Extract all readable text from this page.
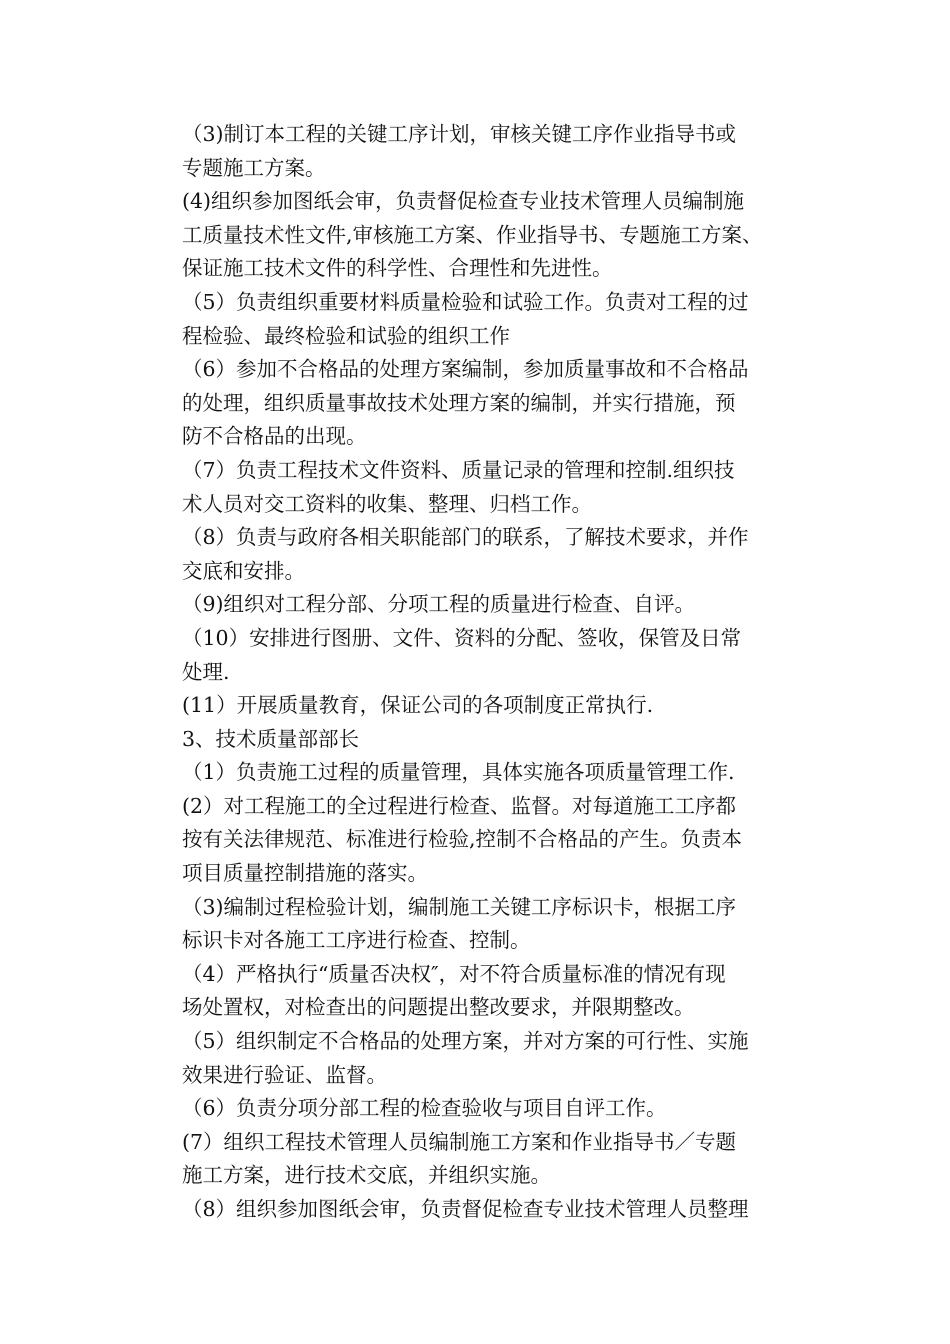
（3)制订本工程的关键工序计划，审核关键工序作业指导书或
专题施工方案。
(4)组织参加图纸会审，负责督促检查专业技术管理人员编制施
工质量技术性文件,审核施工方案、作业指导书、专题施工方案、
保证施工技术文件的科学性、合理性和先进性。
（5）负责组织重要材料质量检验和试验工作。负责对工程的过
程检验、最终检验和试验的组织工作
（6）参加不合格品的处理方案编制，参加质量事故和不合格品
的处理，组织质量事故技术处理方案的编制，并实行措施，预
防不合格品的出现。
（7）负责工程技术文件资料、质量记录的管理和控制.组织技
术人员对交工资料的收集、整理、归档工作。
（8）负责与政府各相关职能部门的联系，了解技术要求，并作
交底和安排。
（9)组织对工程分部、分项工程的质量进行检查、自评。
（10）安排进行图册、文件、资料的分配、签收，保管及日常
处理.
(11）开展质量教育，保证公司的各项制度正常执行.
3、技术质量部部长
（1）负责施工过程的质量管理，具体实施各项质量管理工作.
(2）对工程施工的全过程进行检查、监督。对每道施工工序都
按有关法律规范、标准进行检验,控制不合格品的产生。负责本
项目质量控制措施的落实。
（3)编制过程检验计划，编制施工关键工序标识卡，根据工序
标识卡对各施工工序进行检查、控制。
（4）严格执行“质量否决权″，对不符合质量标准的情况有现
场处置权，对检查出的问题提出整改要求，并限期整改。
（5）组织制定不合格品的处理方案，并对方案的可行性、实施
效果进行验证、监督。
（6）负责分项分部工程的检查验收与项目自评工作。
(7）组织工程技术管理人员编制施工方案和作业指导书／专题
施工方案，进行技术交底，并组织实施。
（8）组织参加图纸会审，负责督促检查专业技术管理人员整理
